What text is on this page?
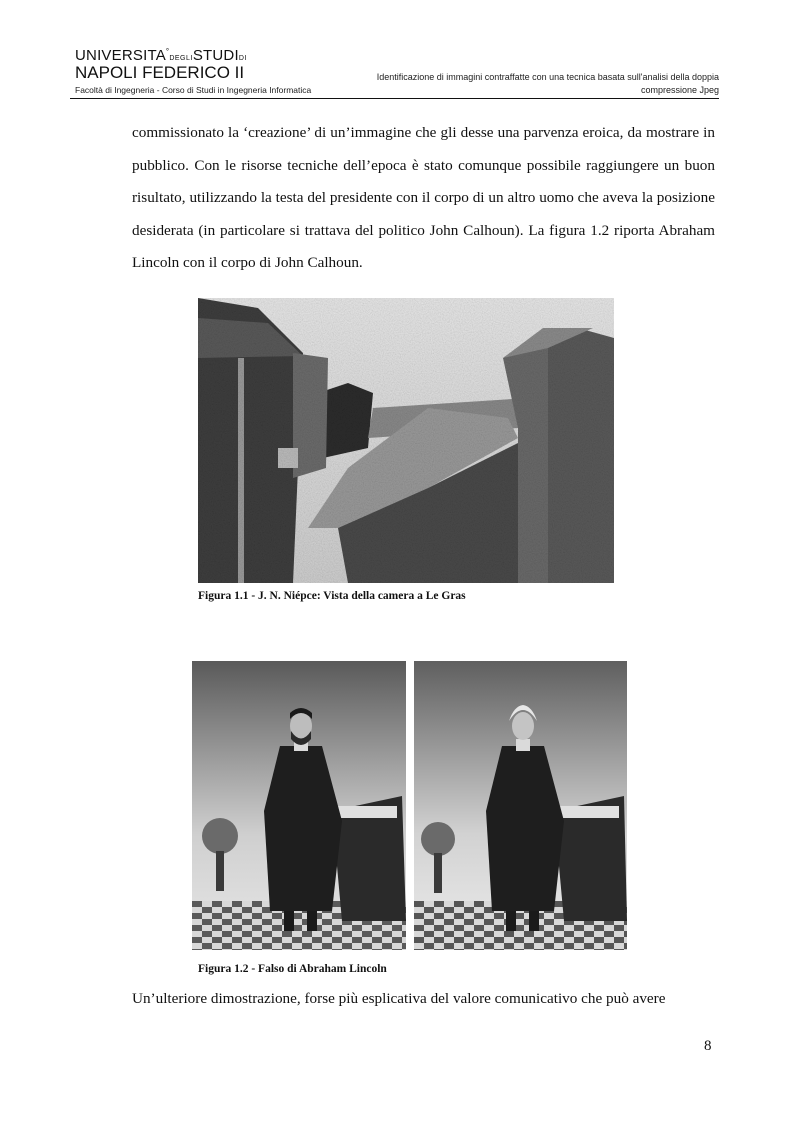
UNIVERSITA°DEGLISTUDIDI
NAPOLI FEDERICO II
Facoltà di Ingegneria - Corso di Studi in Ingegneria Informatica
Identificazione di immagini contraffatte con una tecnica basata sull'analisi della doppia
compressione Jpeg
commissionato la ‘creazione’ di un’immagine che gli desse una parvenza eroica, da mostrare in pubblico. Con le risorse tecniche dell’epoca è stato comunque possibile raggiungere un buon risultato, utilizzando la testa del presidente con il corpo di un altro uomo che aveva la posizione desiderata (in particolare si trattava del politico John Calhoun). La figura 1.2 riporta Abraham Lincoln con il corpo di John Calhoun.
Figura 1.1 - J. N. Niépce: Vista della camera a Le Gras
Figura 1.2 - Falso di Abraham Lincoln
Un’ulteriore dimostrazione, forse più esplicativa del valore comunicativo che può avere
8
